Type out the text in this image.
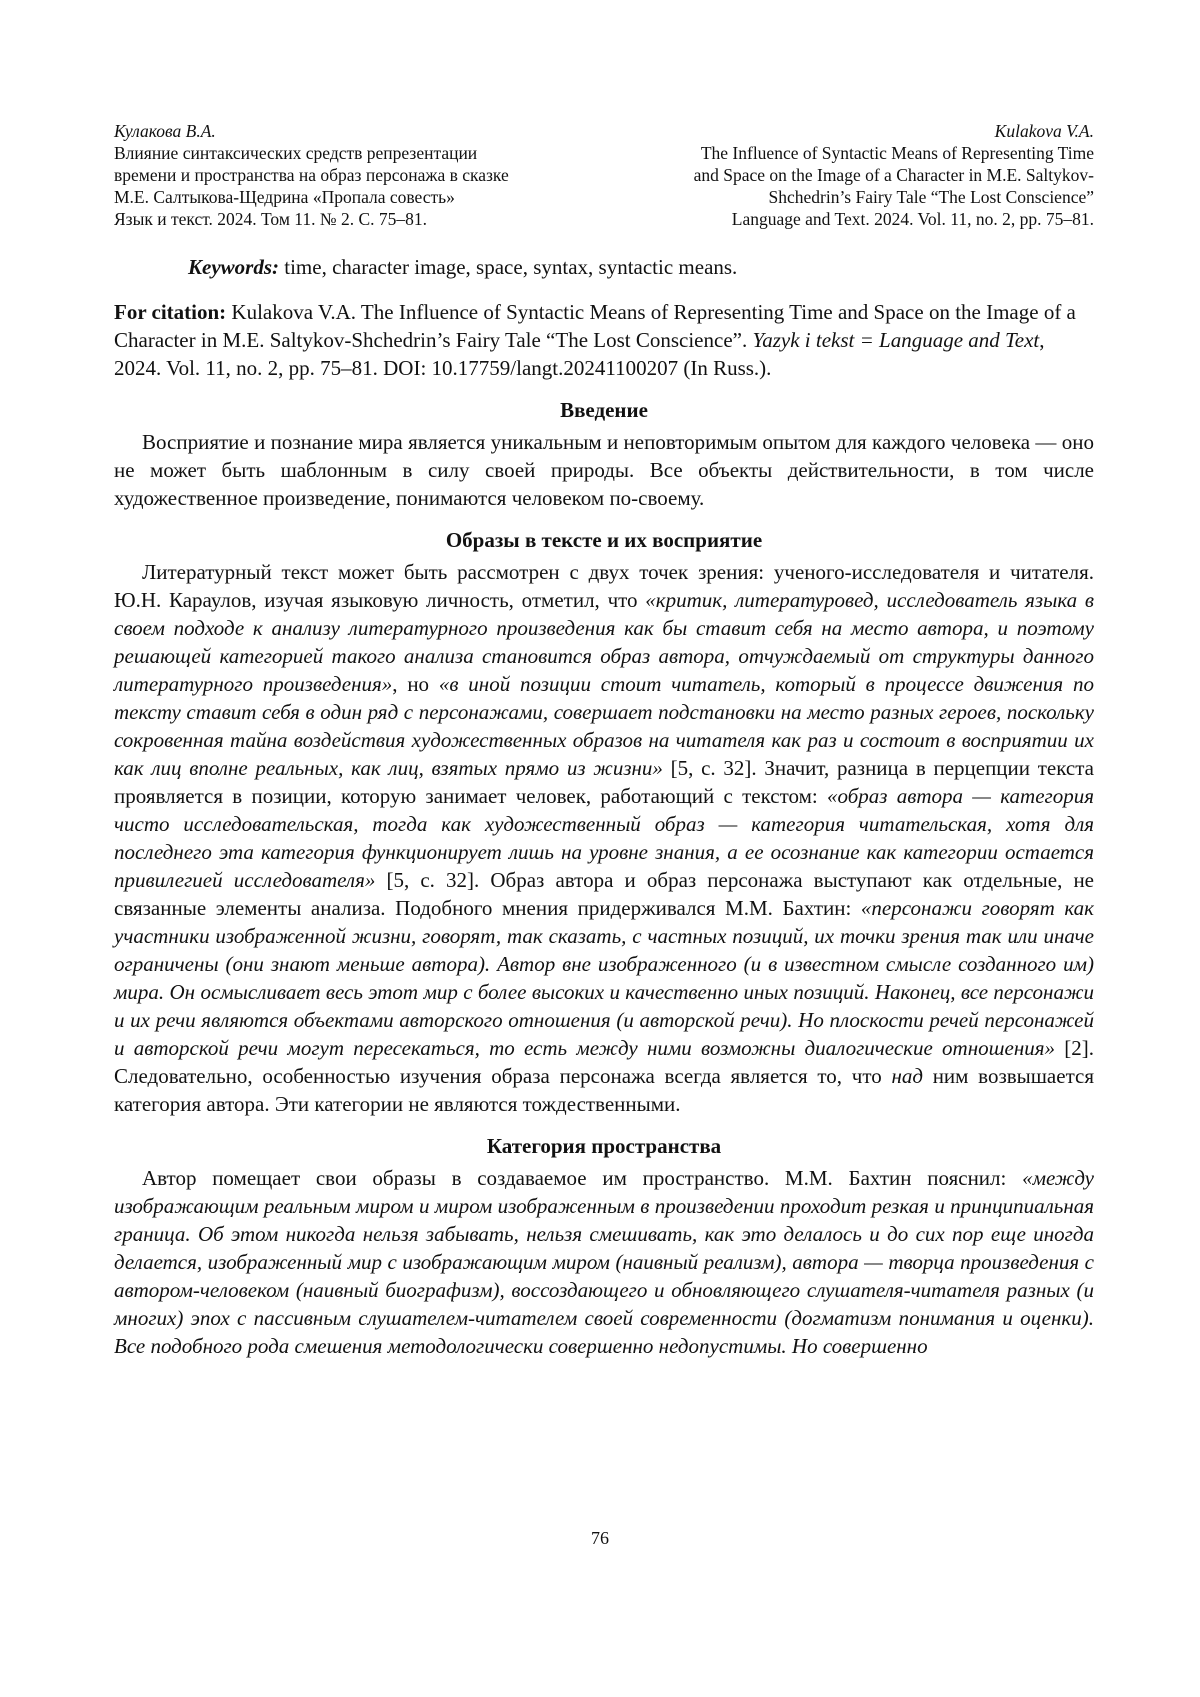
Кулакова В.А.
Влияние синтаксических средств репрезентации
времени и пространства на образ персонажа в сказке
М.Е. Салтыкова-Щедрина «Пропала совесть»
Язык и текст. 2024. Том 11. № 2. С. 75–81.
Kulakova V.A.
The Influence of Syntactic Means of Representing Time
and Space on the Image of a Character in M.E. Saltykov-
Shchedrin’s Fairy Tale “The Lost Conscience”
Language and Text. 2024. Vol. 11, no. 2, pp. 75–81.
Keywords: time, character image, space, syntax, syntactic means.
For citation: Kulakova V.A. The Influence of Syntactic Means of Representing Time and Space on the Image of a Character in M.E. Saltykov-Shchedrin’s Fairy Tale “The Lost Conscience”. Yazyk i tekst = Language and Text, 2024. Vol. 11, no. 2, pp. 75–81. DOI: 10.17759/langt.20241100207 (In Russ.).
Введение

Восприятие и познание мира является уникальным и неповторимым опытом для каждого человека — оно не может быть шаблонным в силу своей природы. Все объекты действительности, в том числе художественное произведение, понимаются человеком по-своему.

Образы в тексте и их восприятие

Литературный текст может быть рассмотрен с двух точек зрения: ученого-исследователя и читателя. Ю.Н. Караулов, изучая языковую личность, отметил, что «критик, литературовед, исследователь языка в своем подходе к анализу литературного произведения как бы ставит себя на место автора, и поэтому решающей категорией такого анализа становится образ автора, отчуждаемый от структуры данного литературного произведения», но «в иной позиции стоит читатель, который в процессе движения по тексту ставит себя в один ряд с персонажами, совершает подстановки на место разных героев, поскольку сокровенная тайна воздействия художественных образов на читателя как раз и состоит в восприятии их как лиц вполне реальных, как лиц, взятых прямо из жизни» [5, с. 32]. Значит, разница в перцепции текста проявляется в позиции, которую занимает человек, работающий с текстом: «образ автора — категория чисто исследовательская, тогда как художественный образ — категория читательская, хотя для последнего эта категория функционирует лишь на уровне знания, а ее осознание как категории остается привилегией исследователя» [5, с. 32]. Образ автора и образ персонажа выступают как отдельные, не связанные элементы анализа. Подобного мнения придерживался М.М. Бахтин: «персонажи говорят как участники изображенной жизни, говорят, так сказать, с частных позиций, их точки зрения так или иначе ограничены (они знают меньше автора). Автор вне изображенного (и в известном смысле созданного им) мира. Он осмысливает весь этот мир с более высоких и качественно иных позиций. Наконец, все персонажи и их речи являются объектами авторского отношения (и авторской речи). Но плоскости речей персонажей и авторской речи могут пересекаться, то есть между ними возможны диалогические отношения» [2]. Следовательно, особенностью изучения образа персонажа всегда является то, что над ним возвышается категория автора. Эти категории не являются тождественными.

Категория пространства

Автор помещает свои образы в создаваемое им пространство. М.М. Бахтин пояснил: «между изображающим реальным миром и миром изображенным в произведении проходит резкая и принципиальная граница. Об этом никогда нельзя забывать, нельзя смешивать, как это делалось и до сих пор еще иногда делается, изображенный мир с изображающим миром (наивный реализм), автора — творца произведения с автором-человеком (наивный биографизм), воссоздающего и обновляющего слушателя-читателя разных (и многих) эпох с пассивным слушателем-читателем своей современности (догматизм понимания и оценки). Все подобного рода смешения методологически совершенно недопустимы. Но совершенно

76
